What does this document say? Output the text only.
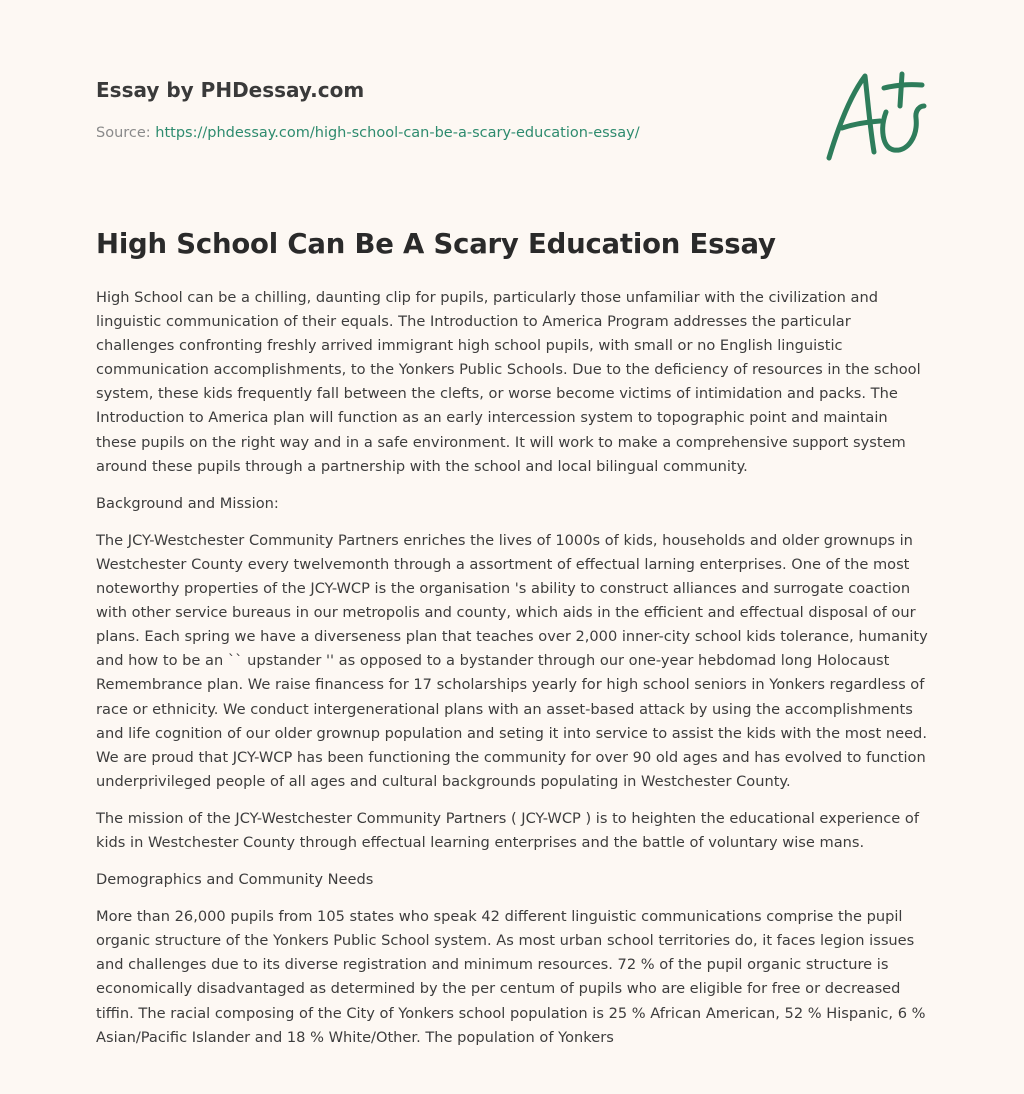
Essay by PHDessay.com
Source: https://phdessay.com/high-school-can-be-a-scary-education-essay/
High School Can Be A Scary Education Essay

High School can be a chilling, daunting clip for pupils, particularly those unfamiliar with the civilization and linguistic communication of their equals. The Introduction to America Program addresses the particular challenges confronting freshly arrived immigrant high school pupils, with small or no English linguistic communication accomplishments, to the Yonkers Public Schools. Due to the deficiency of resources in the school system, these kids frequently fall between the clefts, or worse become victims of intimidation and packs. The Introduction to America plan will function as an early intercession system to topographic point and maintain these pupils on the right way and in a safe environment. It will work to make a comprehensive support system around these pupils through a partnership with the school and local bilingual community.

Background and Mission:

The JCY-Westchester Community Partners enriches the lives of 1000s of kids, households and older grownups in Westchester County every twelvemonth through a assortment of effectual larning enterprises. One of the most noteworthy properties of the JCY-WCP is the organisation 's ability to construct alliances and surrogate coaction with other service bureaus in our metropolis and county, which aids in the efficient and effectual disposal of our plans. Each spring we have a diverseness plan that teaches over 2,000 inner-city school kids tolerance, humanity and how to be an `` upstander '' as opposed to a bystander through our one-year hebdomad long Holocaust Remembrance plan. We raise financess for 17 scholarships yearly for high school seniors in Yonkers regardless of race or ethnicity. We conduct intergenerational plans with an asset-based attack by using the accomplishments and life cognition of our older grownup population and seting it into service to assist the kids with the most need. We are proud that JCY-WCP has been functioning the community for over 90 old ages and has evolved to function underprivileged people of all ages and cultural backgrounds populating in Westchester County.

The mission of the JCY-Westchester Community Partners ( JCY-WCP ) is to heighten the educational experience of kids in Westchester County through effectual learning enterprises and the battle of voluntary wise mans.

Demographics and Community Needs

More than 26,000 pupils from 105 states who speak 42 different linguistic communications comprise the pupil organic structure of the Yonkers Public School system. As most urban school territories do, it faces legion issues and challenges due to its diverse registration and minimum resources. 72 % of the pupil organic structure is economically disadvantaged as determined by the per centum of pupils who are eligible for free or decreased tiffin. The racial composing of the City of Yonkers school population is 25 % African American, 52 % Hispanic, 6 % Asian/Pacific Islander and 18 % White/Other. The population of Yonkers
